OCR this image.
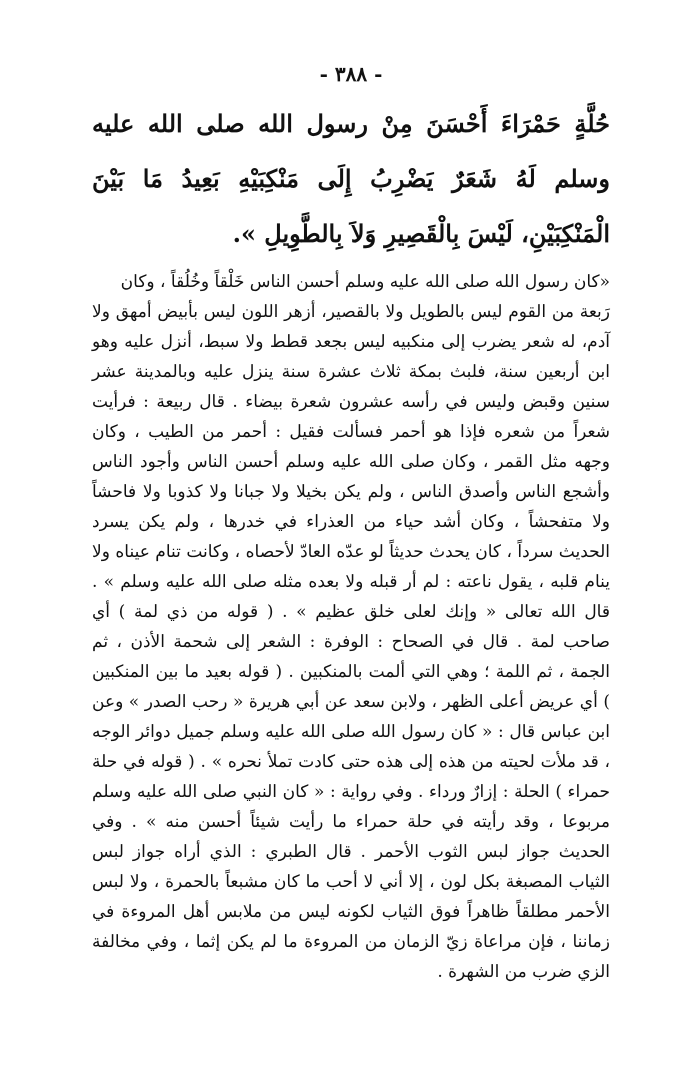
- ٣٨٨ -

حُلَّةٍ حَمْرَاءَ أَحْسَنَ مِنْ رسول الله صلى الله عليه وسلم لَهُ شَعَرٌ يَضْرِبُ إِلَى مَنْكِبَيْهِ بَعِيدُ مَا بَيْنَ الْمَنْكِبَيْنِ، لَيْسَ بِالْقَصِيرِ وَلاَ بِالطَّوِيلِ ».

«كان رسول الله صلى الله عليه وسلم أحسن الناس خَلْقاً وخُلُقاً ، وكان

رَبعة من القوم ليس بالطويل ولا بالقصير، أزهر اللون ليس بأبيض أمهق ولا آدم، له شعر يضرب إلى منكبيه ليس بجعد قطط ولا سبط، أنزل عليه وهو ابن أربعين سنة، فلبث بمكة ثلاث عشرة سنة ينزل عليه وبالمدينة عشر سنين وقبض وليس في رأسه عشرون شعرة بيضاء . قال ربيعة : فرأيت شعراً من شعره فإذا هو أحمر فسألت فقيل : أحمر من الطيب ، وكان وجهه مثل القمر ، وكان صلى الله عليه وسلم أحسن الناس وأجود الناس وأشجع الناس وأصدق الناس ، ولم يكن بخيلا ولا جبانا ولا كذوبا ولا فاحشاً ولا متفحشاً ، وكان أشد حياء من العذراء في خدرها ، ولم يكن يسرد الحديث سرداً ، كان يحدث حديثاً لو عدّه العادّ لأحصاه ، وكانت تنام عيناه ولا ينام قلبه ، يقول ناعته : لم أر قبله ولا بعده مثله صلى الله عليه وسلم » . قال الله تعالى « وإنك لعلى خلق عظيم » . ( قوله من ذي لمة ) أي صاحب لمة . قال في الصحاح : الوفرة : الشعر إلى شحمة الأذن ، ثم الجمة ، ثم اللمة ؛ وهي التي ألمت بالمنكبين . ( قوله بعيد ما بين المنكبين ) أي عريض أعلى الظهر ، ولابن سعد عن أبي هريرة « رحب الصدر » وعن ابن عباس قال : « كان رسول الله صلى الله عليه وسلم جميل دوائر الوجه ، قد ملأت لحيته من هذه إلى هذه حتى كادت تملأ نحره » . ( قوله في حلة حمراء ) الحلة : إزارٌ ورداء . وفي رواية : « كان النبي صلى الله عليه وسلم مربوعا ، وقد رأيته في حلة حمراء ما رأيت شيئاً أحسن منه » . وفي الحديث جواز لبس الثوب الأحمر . قال الطبري : الذي أراه جواز لبس الثياب المصبغة بكل لون ، إلا أني لا أحب ما كان مشبعاً بالحمرة ، ولا لبس الأحمر مطلقاً ظاهراً فوق الثياب لكونه ليس من ملابس أهل المروءة في زماننا ، فإن مراعاة زيّ الزمان من المروءة ما لم يكن إثما ، وفي مخالفة الزي ضرب من الشهرة .
